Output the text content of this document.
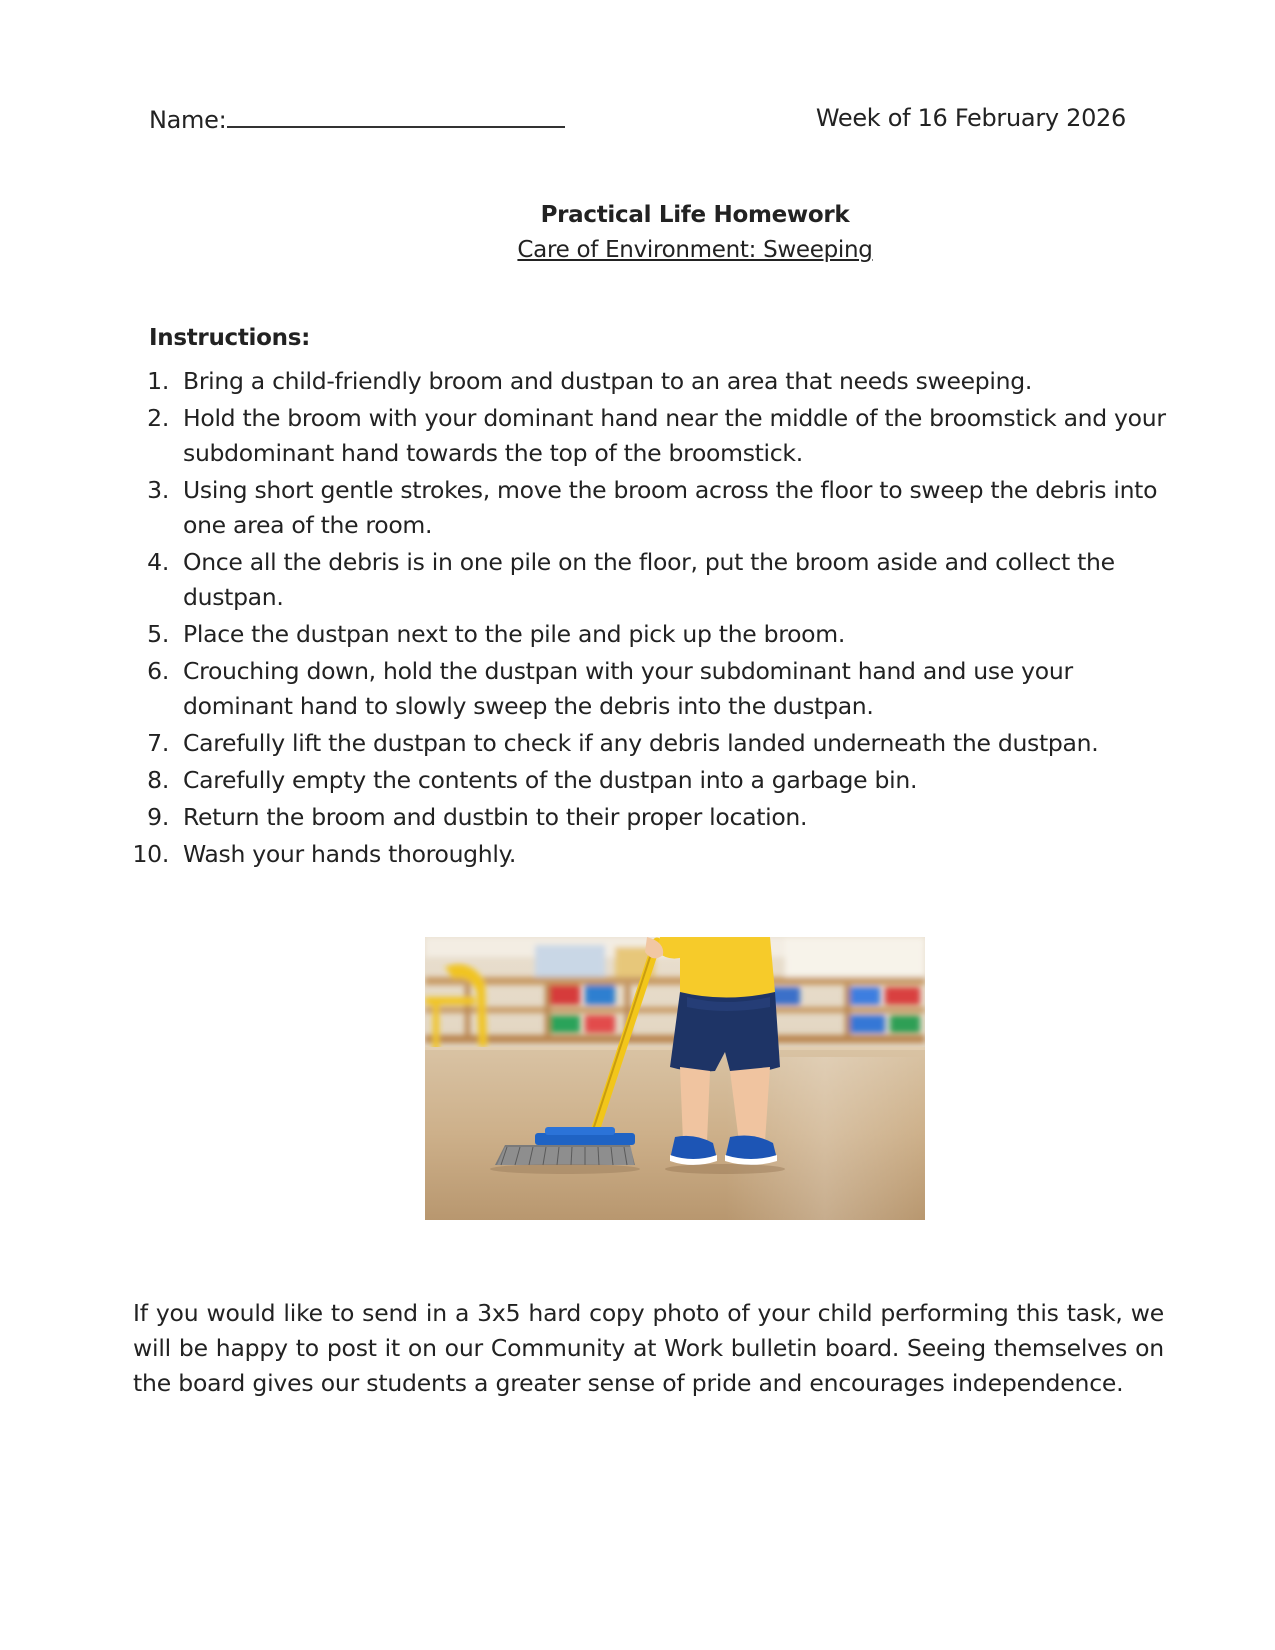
Name:	Week of 16 February 2026
Practical Life Homework
Care of Environment: Sweeping
Instructions:
1. Bring a child-friendly broom and dustpan to an area that needs sweeping.
2. Hold the broom with your dominant hand near the middle of the broomstick and your subdominant hand towards the top of the broomstick.
3. Using short gentle strokes, move the broom across the floor to sweep the debris into one area of the room.
4. Once all the debris is in one pile on the floor, put the broom aside and collect the dustpan.
5. Place the dustpan next to the pile and pick up the broom.
6. Crouching down, hold the dustpan with your subdominant hand and use your dominant hand to slowly sweep the debris into the dustpan.
7. Carefully lift the dustpan to check if any debris landed underneath the dustpan.
8. Carefully empty the contents of the dustpan into a garbage bin.
9. Return the broom and dustbin to their proper location.
10. Wash your hands thoroughly.
If you would like to send in a 3x5 hard copy photo of your child performing this task, we will be happy to post it on our Community at Work bulletin board. Seeing themselves on the board gives our students a greater sense of pride and encourages independence.
